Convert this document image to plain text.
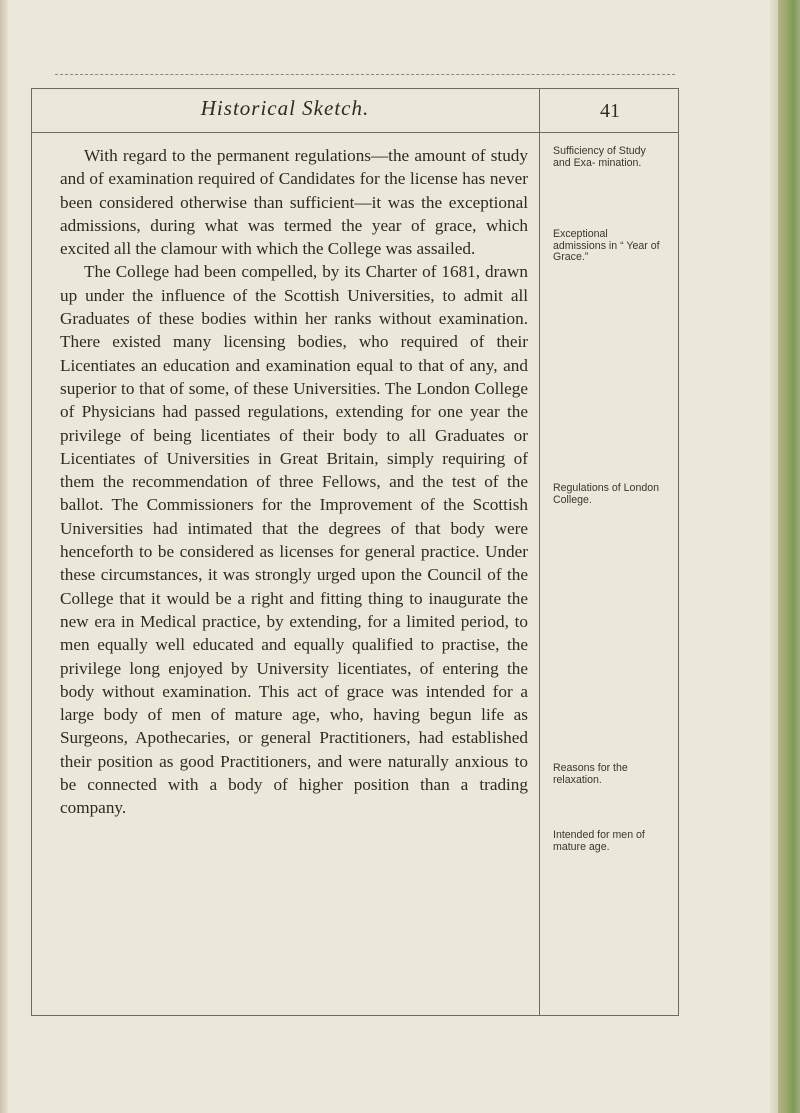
Historical Sketch.	41

With regard to the permanent regulations—the amount of study and of examination required of Candidates for the license has never been considered otherwise than sufficient—it was the exceptional admissions, during what was termed the year of grace, which excited all the clamour with which the College was assailed.

The College had been compelled, by its Charter of 1681, drawn up under the influence of the Scottish Universities, to admit all Graduates of these bodies within her ranks without examination. There existed many licensing bodies, who required of their Licentiates an education and examination equal to that of any, and superior to that of some, of these Universities. The London College of Physicians had passed regulations, extending for one year the privilege of being licentiates of their body to all Graduates or Licentiates of Universities in Great Britain, simply requiring of them the recommendation of three Fellows, and the test of the ballot. The Commissioners for the Improvement of the Scottish Universities had intimated that the degrees of that body were henceforth to be considered as licenses for general practice. Under these circumstances, it was strongly urged upon the Council of the College that it would be a right and fitting thing to inaugurate the new era in Medical practice, by extending, for a limited period, to men equally well educated and equally qualified to practise, the privilege long enjoyed by University licentiates, of entering the body without examination. This act of grace was intended for a large body of men of mature age, who, having begun life as Surgeons, Apothecaries, or general Practitioners, had established their position as good Practitioners, and were naturally anxious to be connected with a body of higher position than a trading company.

Sufficiency of Study and Exa- mination.
Exceptional admissions in “ Year of Grace.”
Regulations of London College.
Reasons for the relaxation.
Intended for men of mature age.
